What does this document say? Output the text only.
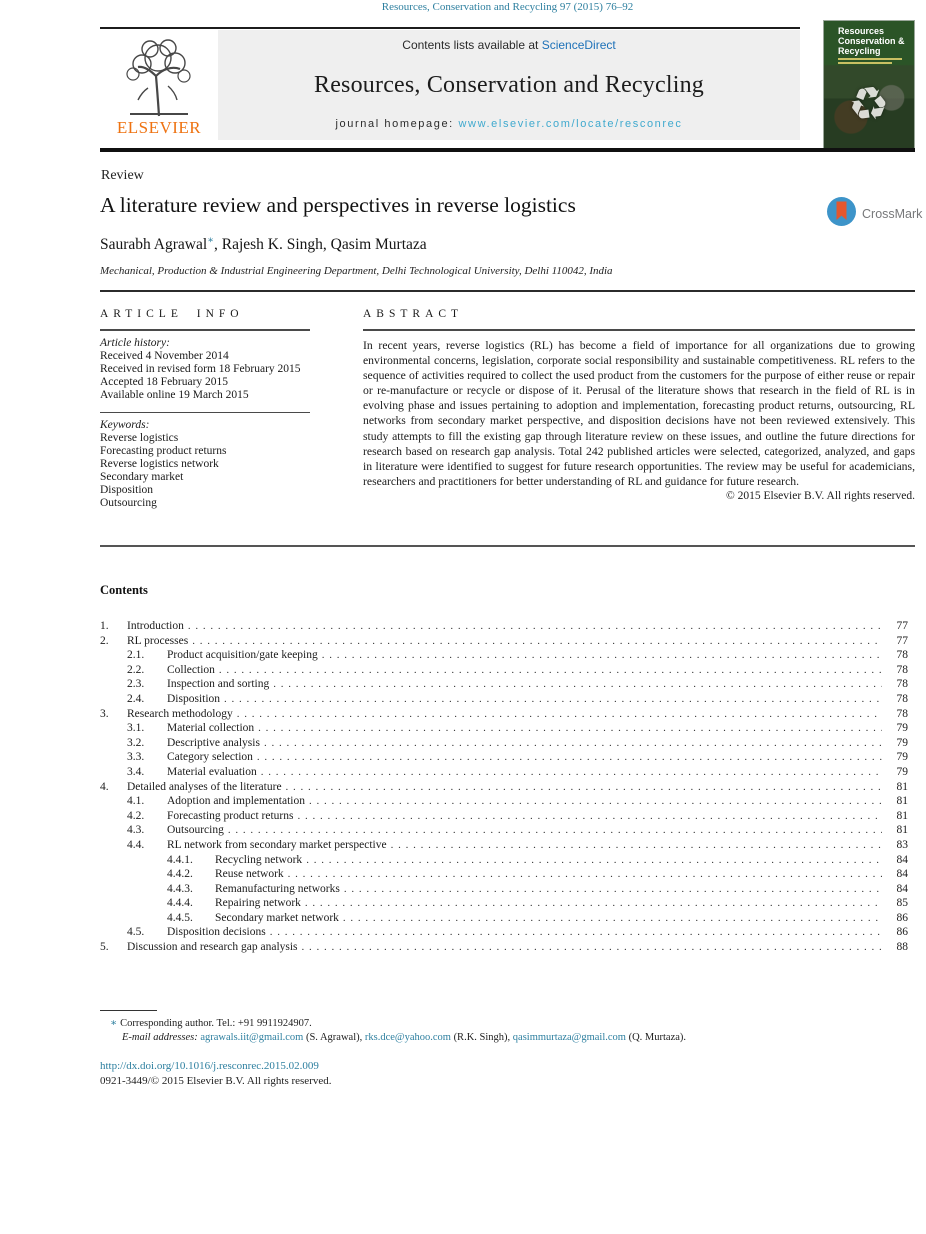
Resources, Conservation and Recycling 97 (2015) 76–92
ELSEVIER
Contents lists available at ScienceDirect
Resources, Conservation and Recycling
journal homepage: www.elsevier.com/locate/resconrec
Resources
Conservation &
Recycling
♻
Review
A literature review and perspectives in reverse logistics	CrossMark
Saurabh Agrawal∗, Rajesh K. Singh, Qasim Murtaza
Mechanical, Production & Industrial Engineering Department, Delhi Technological University, Delhi 110042, India
ARTICLE INFO
Article history:
Received 4 November 2014
Received in revised form 18 February 2015
Accepted 18 February 2015
Available online 19 March 2015
Keywords:
Reverse logistics
Forecasting product returns
Reverse logistics network
Secondary market
Disposition
Outsourcing
ABSTRACT
In recent years, reverse logistics (RL) has become a field of importance for all organizations due to growing environmental concerns, legislation, corporate social responsibility and sustainable competitiveness. RL refers to the sequence of activities required to collect the used product from the customers for the purpose of either reuse or repair or re-manufacture or recycle or dispose of it. Perusal of the literature shows that research in the field of RL is in evolving phase and issues pertaining to adoption and implementation, forecasting product returns, outsourcing, RL networks from secondary market perspective, and disposition decisions have not been reviewed extensively. This study attempts to fill the existing gap through literature review on these issues, and outline the future directions for research based on research gap analysis. Total 242 published articles were selected, categorized, analyzed, and gaps in literature were identified to suggest for future research opportunities. The review may be useful for academicians, researchers and practitioners for better understanding of RL and guidance for future research.
© 2015 Elsevier B.V. All rights reserved.
Contents
1.	Introduction . . .	77
2.	RL processes . . .	77
2.1.	Product acquisition/gate keeping . . .	78
2.2.	Collection . . .	78
2.3.	Inspection and sorting . . .	78
2.4.	Disposition . . .	78
3.	Research methodology . . .	78
3.1.	Material collection . . .	79
3.2.	Descriptive analysis . . .	79
3.3.	Category selection . . .	79
3.4.	Material evaluation . . .	79
4.	Detailed analyses of the literature . . .	81
4.1.	Adoption and implementation . . .	81
4.2.	Forecasting product returns . . .	81
4.3.	Outsourcing . . .	81
4.4.	RL network from secondary market perspective . . .	83
4.4.1.	Recycling network . . .	84
4.4.2.	Reuse network . . .	84
4.4.3.	Remanufacturing networks . . .	84
4.4.4.	Repairing network . . .	85
4.4.5.	Secondary market network . . .	86
4.5.	Disposition decisions . . .	86
5.	Discussion and research gap analysis . . .	88
∗ Corresponding author. Tel.: +91 9911924907.
E-mail addresses: agrawals.iit@gmail.com (S. Agrawal), rks.dce@yahoo.com (R.K. Singh), qasimmurtaza@gmail.com (Q. Murtaza).
http://dx.doi.org/10.1016/j.resconrec.2015.02.009
0921-3449/© 2015 Elsevier B.V. All rights reserved.
